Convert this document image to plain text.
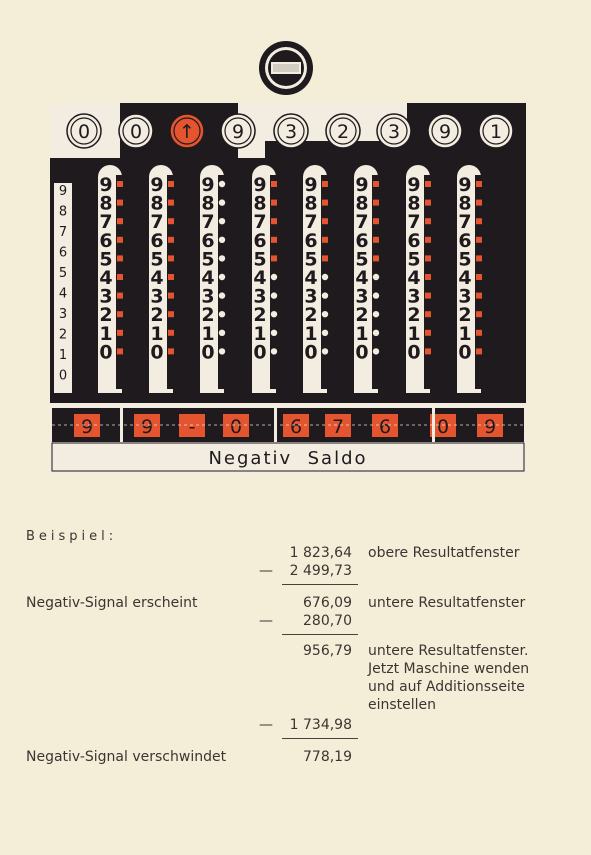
0 0 ↑ 9 3 2 3 9 1
9
8
7
6
5
4
3
2
1
0
9
8
7
6
5
4
3
2
1
0
9
8
7
6
5
4
3
2
1
0
9
8
7
6
5
4
3
2
1
0
9
8
7
6
5
4
3
2
1
0
9
8
7
6
5
4
3
2
1
0
9
8
7
6
5
4
3
2
1
0
9
8
7
6
5
4
3
2
1
0
9
8
7
6
5
4
3
2
1
0
9	9 - 0	6 7 6 0 9
Negativ  Saldo
Beispiel:
1 823,64 obere Resultatfenster
—	2 499,73
Negativ-Signal erscheint	676,09 untere Resultatfenster
—	280,70
956,79 untere Resultatfenster.
Jetzt Maschine wenden
und auf Additionsseite
einstellen
—	1 734,98
Negativ-Signal verschwindet	778,19
